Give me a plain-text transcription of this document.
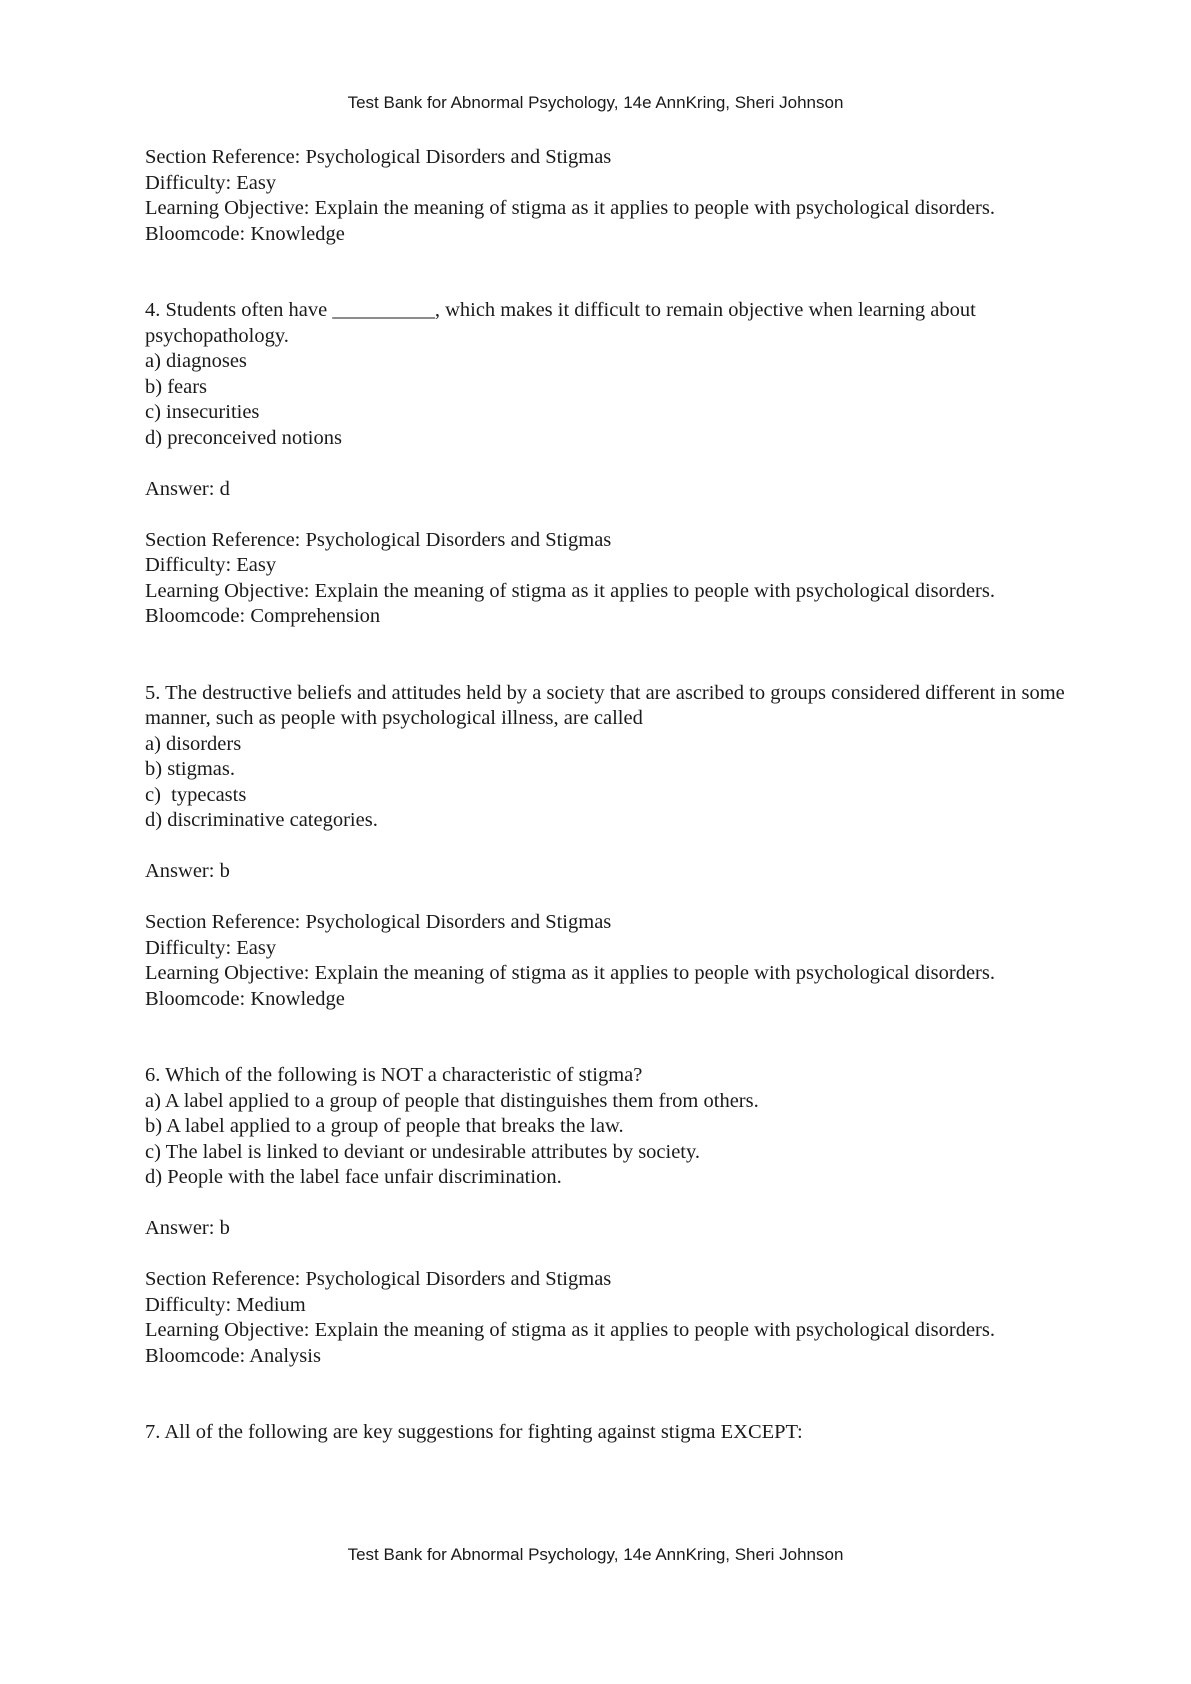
Test Bank for Abnormal Psychology, 14e AnnKring, Sheri Johnson
Section Reference: Psychological Disorders and Stigmas
Difficulty: Easy
Learning Objective: Explain the meaning of stigma as it applies to people with psychological disorders.
Bloomcode: Knowledge
4. Students often have __________, which makes it difficult to remain objective when learning about psychopathology.
a) diagnoses
b) fears
c) insecurities
d) preconceived notions
Answer: d
Section Reference: Psychological Disorders and Stigmas
Difficulty: Easy
Learning Objective: Explain the meaning of stigma as it applies to people with psychological disorders.
Bloomcode: Comprehension
5. The destructive beliefs and attitudes held by a society that are ascribed to groups considered different in some manner, such as people with psychological illness, are called
a) disorders
b) stigmas.
c)  typecasts
d) discriminative categories.
Answer: b
Section Reference: Psychological Disorders and Stigmas
Difficulty: Easy
Learning Objective: Explain the meaning of stigma as it applies to people with psychological disorders.
Bloomcode: Knowledge
6. Which of the following is NOT a characteristic of stigma?
a) A label applied to a group of people that distinguishes them from others.
b) A label applied to a group of people that breaks the law.
c) The label is linked to deviant or undesirable attributes by society.
d) People with the label face unfair discrimination.
Answer: b
Section Reference: Psychological Disorders and Stigmas
Difficulty: Medium
Learning Objective: Explain the meaning of stigma as it applies to people with psychological disorders.
Bloomcode: Analysis
7. All of the following are key suggestions for fighting against stigma EXCEPT:
Test Bank for Abnormal Psychology, 14e AnnKring, Sheri Johnson
